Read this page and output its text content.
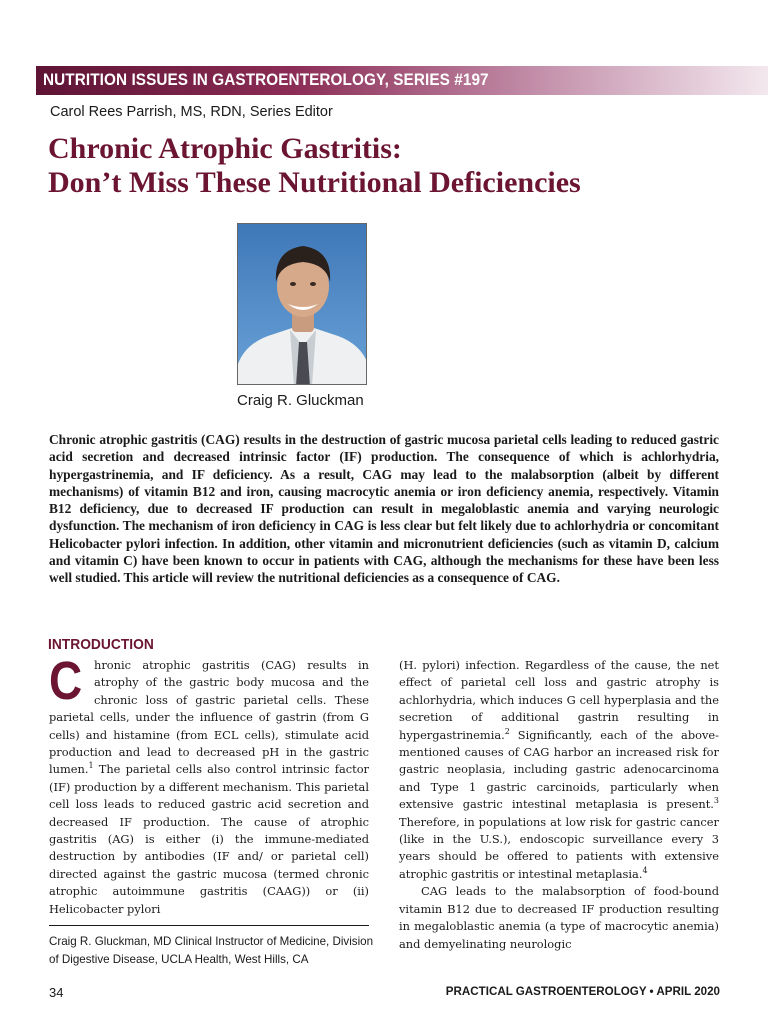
NUTRITION ISSUES IN GASTROENTEROLOGY, SERIES #197
Carol Rees Parrish, MS, RDN, Series Editor
Chronic Atrophic Gastritis:
Don’t Miss These Nutritional Deficiencies
Craig R. Gluckman

Chronic atrophic gastritis (CAG) results in the destruction of gastric mucosa parietal cells leading to reduced gastric acid secretion and decreased intrinsic factor (IF) production. The consequence of which is achlorhydria, hypergastrinemia, and IF deficiency. As a result, CAG may lead to the malabsorption (albeit by different mechanisms) of vitamin B12 and iron, causing macrocytic anemia or iron deficiency anemia, respectively. Vitamin B12 deficiency, due to decreased IF production can result in megaloblastic anemia and varying neurologic dysfunction. The mechanism of iron deficiency in CAG is less clear but felt likely due to achlorhydria or concomitant Helicobacter pylori infection. In addition, other vitamin and micronutrient deficiencies (such as vitamin D, calcium and vitamin C) have been known to occur in patients with CAG, although the mechanisms for these have been less well studied. This article will review the nutritional deficiencies as a consequence of CAG.

INTRODUCTION

C hronic atrophic gastritis (CAG) results in atrophy of the gastric body mucosa and the chronic loss of gastric parietal cells. These parietal cells, under the influence of gastrin (from G cells) and histamine (from ECL cells), stimulate acid production and lead to decreased pH in the gastric lumen.$^1$ The parietal cells also control intrinsic factor (IF) production by a different mechanism. This parietal cell loss leads to reduced gastric acid secretion and decreased IF production. The cause of atrophic gastritis (AG) is either (i) the immune-mediated destruction by antibodies (IF and/ or parietal cell) directed against the gastric mucosa (termed chronic atrophic autoimmune gastritis (CAAG)) or (ii) Helicobacter pylori

(H. pylori) infection. Regardless of the cause, the net effect of parietal cell loss and gastric atrophy is achlorhydria, which induces G cell hyperplasia and the secretion of additional gastrin resulting in hypergastrinemia.$^2$ Significantly, each of the above-mentioned causes of CAG harbor an increased risk for gastric neoplasia, including gastric adenocarcinoma and Type 1 gastric carcinoids, particularly when extensive gastric intestinal metaplasia is present.$^3$ Therefore, in populations at low risk for gastric cancer (like in the U.S.), endoscopic surveillance every 3 years should be offered to patients with extensive atrophic gastritis or intestinal metaplasia.$^4$

CAG leads to the malabsorption of food-bound vitamin B12 due to decreased IF production resulting in megaloblastic anemia (a type of macrocytic anemia) and demyelinating neurologic

Craig R. Gluckman, MD Clinical Instructor of Medicine, Division of Digestive Disease, UCLA Health, West Hills, CA

34	PRACTICAL GASTROENTEROLOGY • APRIL 2020
